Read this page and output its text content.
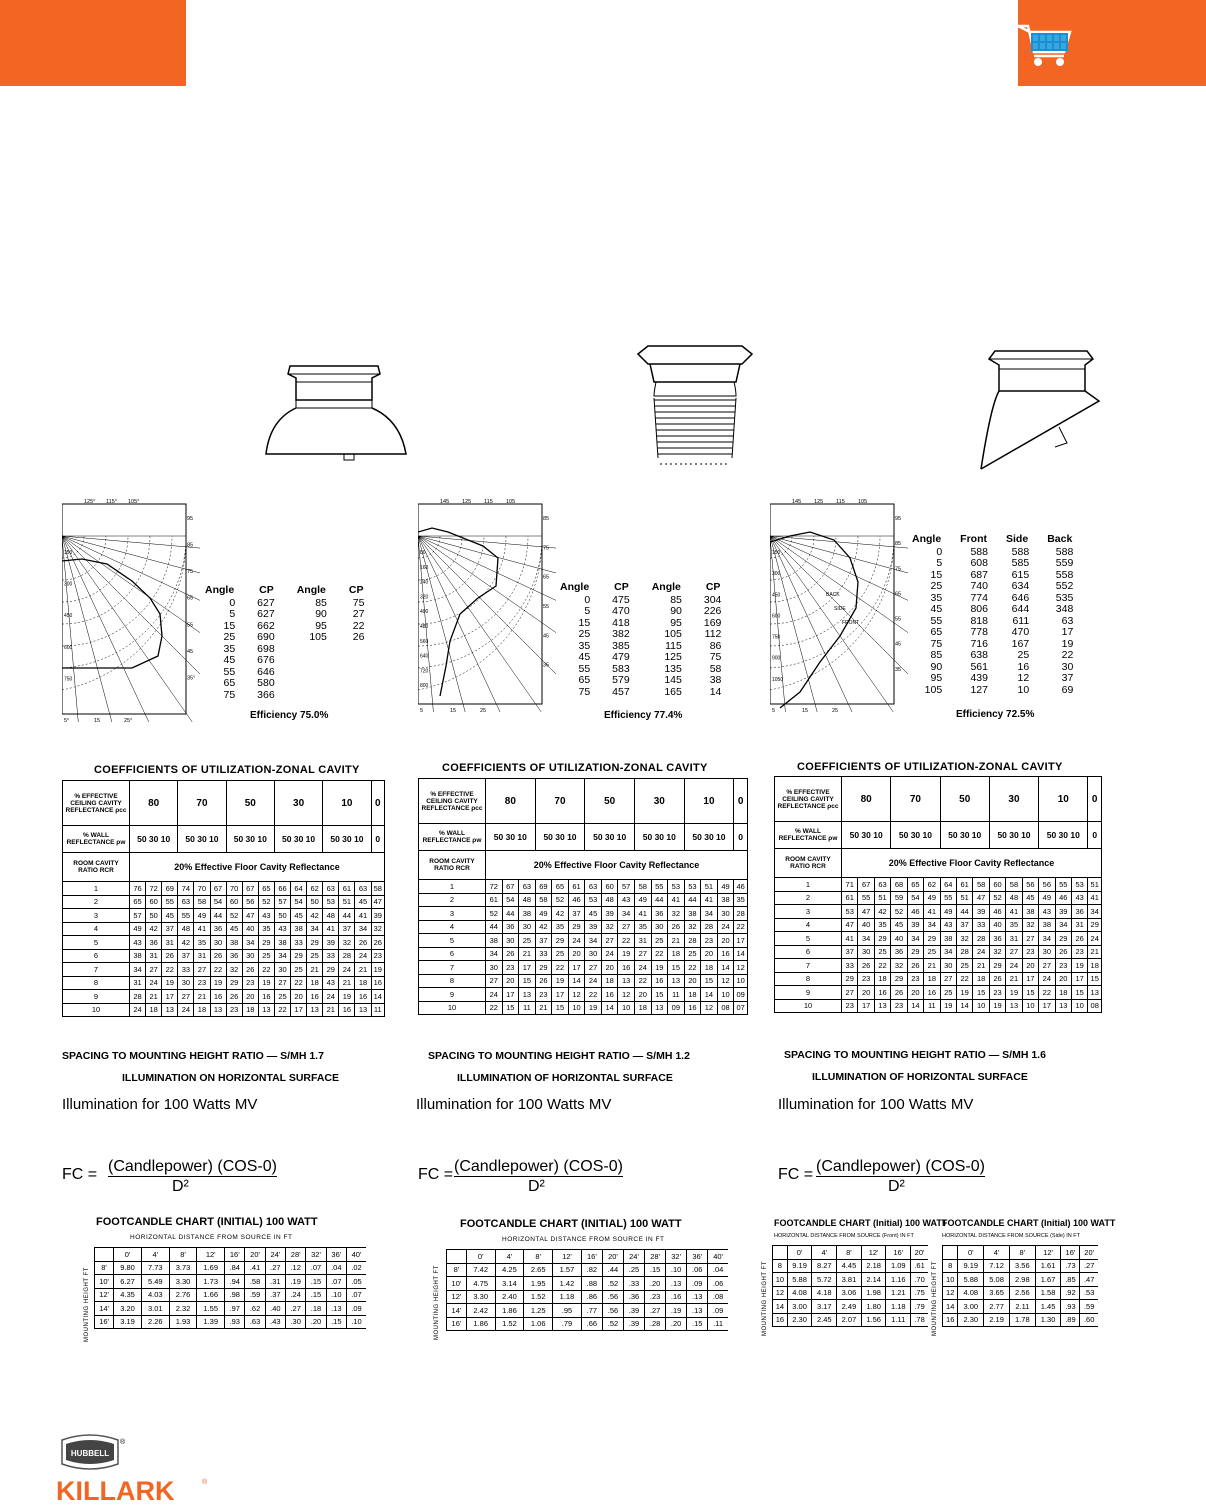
125° 115° 105°
95
85
75
65
55
45
35°
5°	15	25°
150
300
450
600
750
145 125 115 105
85
75
65
55
45
35
5	15	25
80
160
240
320
400
480
560
640
720
800
145 125 115 105
95
85
75
65
55
45
35
5	15	25
150
300
450
600
750
900
1050
BACK
SIDE
FRONT
Angle	CP	Angle	CP
0	627	85	75
5	627	90	27
15	662	95	22
25	690	105	26
35	698		
45	676		
55	646		
65	580		
75	366		
Angle	CP	Angle	CP
0	475	85	304
5	470	90	226
15	418	95	169
25	382	105	112
35	385	115	86
45	479	125	75
55	583	135	58
65	579	145	38
75	457	165	14
Angle	Front	Side	Back
0	588	588	588
5	608	585	559
15	687	615	558
25	740	634	552
35	774	646	535
45	806	644	348
55	818	611	63
65	778	470	17
75	716	167	19
85	638	25	22
90	561	16	30
95	439	12	37
105	127	10	69
Efficiency 75.0%	Efficiency 77.4%	Efficiency 72.5%
COEFFICIENTS OF UTILIZATION-ZONAL CAVITY	COEFFICIENTS OF UTILIZATION-ZONAL CAVITY	COEFFICIENTS OF UTILIZATION-ZONAL CAVITY
% EFFECTIVE CEILING CAVITY REFLECTANCE ρcc	80			70			50			30			10			0
% WALL REFLECTANCE ρw	50 30 10			50 30 10			50 30 10			50 30 10			50 30 10			0
ROOM CAVITY RATIO RCR	20% Effective Floor Cavity Reflectance															
1	76	72	69	74	70	67	70	67	65	66	64	62	63	61	63	58
2	65	60	55	63	58	54	60	56	52	57	54	50	53	51	45	47
3	57	50	45	55	49	44	52	47	43	50	45	42	48	44	41	39
4	49	42	37	48	41	36	45	40	35	43	38	34	41	37	34	32
5	43	36	31	42	35	30	38	34	29	38	33	29	39	32	26	26
6	38	31	26	37	31	26	36	30	25	34	29	25	33	28	24	23
7	34	27	22	33	27	22	32	26	22	30	25	21	29	24	21	19
8	31	24	19	30	23	19	29	23	19	27	22	18	43	21	18	16
9	28	21	17	27	21	16	26	20	16	25	20	16	24	19	16	14
10	24	18	13	24	18	13	23	18	13	22	17	13	21	16	13	11
% EFFECTIVE CEILING CAVITY REFLECTANCE ρcc	80			70			50			30			10			0
% WALL REFLECTANCE ρw	50 30 10			50 30 10			50 30 10			50 30 10			50 30 10			0
ROOM CAVITY RATIO RCR	20% Effective Floor Cavity Reflectance															
1	72	67	63	69	65	61	63	60	57	58	55	53	53	51	49	46
2	61	54	48	58	52	46	53	48	43	49	44	41	44	41	38	35
3	52	44	38	49	42	37	45	39	34	41	36	32	38	34	30	28
4	44	36	30	42	35	29	39	32	27	35	30	26	32	28	24	22
5	38	30	25	37	29	24	34	27	22	31	25	21	28	23	20	17
6	34	26	21	33	25	20	30	24	19	27	22	18	25	20	16	14
7	30	23	17	29	22	17	27	20	16	24	19	15	22	18	14	12
8	27	20	15	26	19	14	24	18	13	22	16	13	20	15	12	10
9	24	17	13	23	17	12	22	16	12	20	15	11	18	14	10	09
10	22	15	11	21	15	10	19	14	10	18	13	09	16	12	08	07
% EFFECTIVE CEILING CAVITY REFLECTANCE ρcc	80			70			50			30			10			0
% WALL REFLECTANCE ρw	50 30 10			50 30 10			50 30 10			50 30 10			50 30 10			0
ROOM CAVITY RATIO RCR	20% Effective Floor Cavity Reflectance															
1	71	67	63	68	65	62	64	61	58	60	58	56	56	55	53	51
2	61	55	51	59	54	49	55	51	47	52	48	45	49	46	43	41
3	53	47	42	52	46	41	49	44	39	46	41	38	43	39	36	34
4	47	40	35	45	39	34	43	37	33	40	35	32	38	34	31	29
5	41	34	29	40	34	29	38	32	28	36	31	27	34	29	26	24
6	37	30	25	36	29	25	34	28	24	32	27	23	30	26	23	21
7	33	26	22	32	26	21	30	25	21	29	24	20	27	23	19	18
8	29	23	18	29	23	18	27	22	18	26	21	17	24	20	17	15
9	27	20	16	26	20	16	25	19	15	23	19	15	22	18	15	13
10	23	17	13	23	14	11	19	14	10	19	13	10	17	13	10	08
SPACING TO MOUNTING HEIGHT RATIO — S/MH 1.7	SPACING TO MOUNTING HEIGHT RATIO — S/MH 1.2	SPACING TO MOUNTING HEIGHT RATIO — S/MH 1.6
ILLUMINATION ON HORIZONTAL SURFACE	ILLUMINATION OF HORIZONTAL SURFACE	ILLUMINATION OF HORIZONTAL SURFACE
Illumination for 100 Watts MV	Illumination for 100 Watts MV	Illumination for 100 Watts MV
FC = (Candlepower) (COS-0)
D²
FC = (Candlepower) (COS-0)
D²
FC = (Candlepower) (COS-0)
D²
FOOTCANDLE CHART (INITIAL) 100 WATT
HORIZONTAL DISTANCE FROM SOURCE IN FT
MOUNTING HEIGHT FT
	0'	4'	8'	12'	16'	20'	24'	28'	32'	36'	40'
8'	9.80	7.73	3.73	1.69	.84	.41	.27	.12	.07	.04	.02
10'	6.27	5.49	3.30	1.73	.94	.58	.31	.19	.15	.07	.05
12'	4.35	4.03	2.76	1.66	.98	.59	.37	.24	.15	.10	.07
14'	3.20	3.01	2.32	1.55	.97	.62	.40	.27	.18	.13	.09
16'	3.19	2.26	1.93	1.39	.93	.63	.43	.30	.20	.15	.10
FOOTCANDLE CHART (INITIAL) 100 WATT
HORIZONTAL DISTANCE FROM SOURCE IN FT
MOUNTING HEIGHT FT
	0'	4'	8'	12'	16'	20'	24'	28'	32'	36'	40'
8'	7.42	4.25	2.65	1.57	.82	.44	.25	.15	.10	.06	.04
10'	4.75	3.14	1.95	1.42	.88	.52	.33	.20	.13	.09	.06
12'	3.30	2.40	1.52	1.18	.86	.56	.36	.23	.16	.13	.08
14'	2.42	1.86	1.25	.95	.77	.56	.39	.27	.19	.13	.09
16'	1.86	1.52	1.06	.79	.66	.52	.39	.28	.20	.15	.11
FOOTCANDLE CHART (Initial) 100 WATT
HORIZONTAL DISTANCE FROM SOURCE (Front) IN FT
MOUNTING HEIGHT FT
	0'	4'	8'	12'	16'	20'
8	9.19	8.27	4.45	2.18	1.09	.61
10	5.88	5.72	3.81	2.14	1.16	.70
12	4.08	4.18	3.06	1.98	1.21	.75
14	3.00	3.17	2.49	1.80	1.18	.79
16	2.30	2.45	2.07	1.56	1.11	.78
FOOTCANDLE CHART (Initial) 100 WATT
HORIZONTAL DISTANCE FROM SOURCE (Side) IN FT
MOUNTING HEIGHT FT
	0'	4'	8'	12'	16'	20'
8	9.19	7.12	3.56	1.61	.73	.27
10	5.88	5.08	2.98	1.67	.85	.47
12	4.08	3.65	2.56	1.58	.92	.53
14	3.00	2.77	2.11	1.45	.93	.59
16	2.30	2.19	1.78	1.30	.89	.60
HUBBELL
®
KILLARK	®
